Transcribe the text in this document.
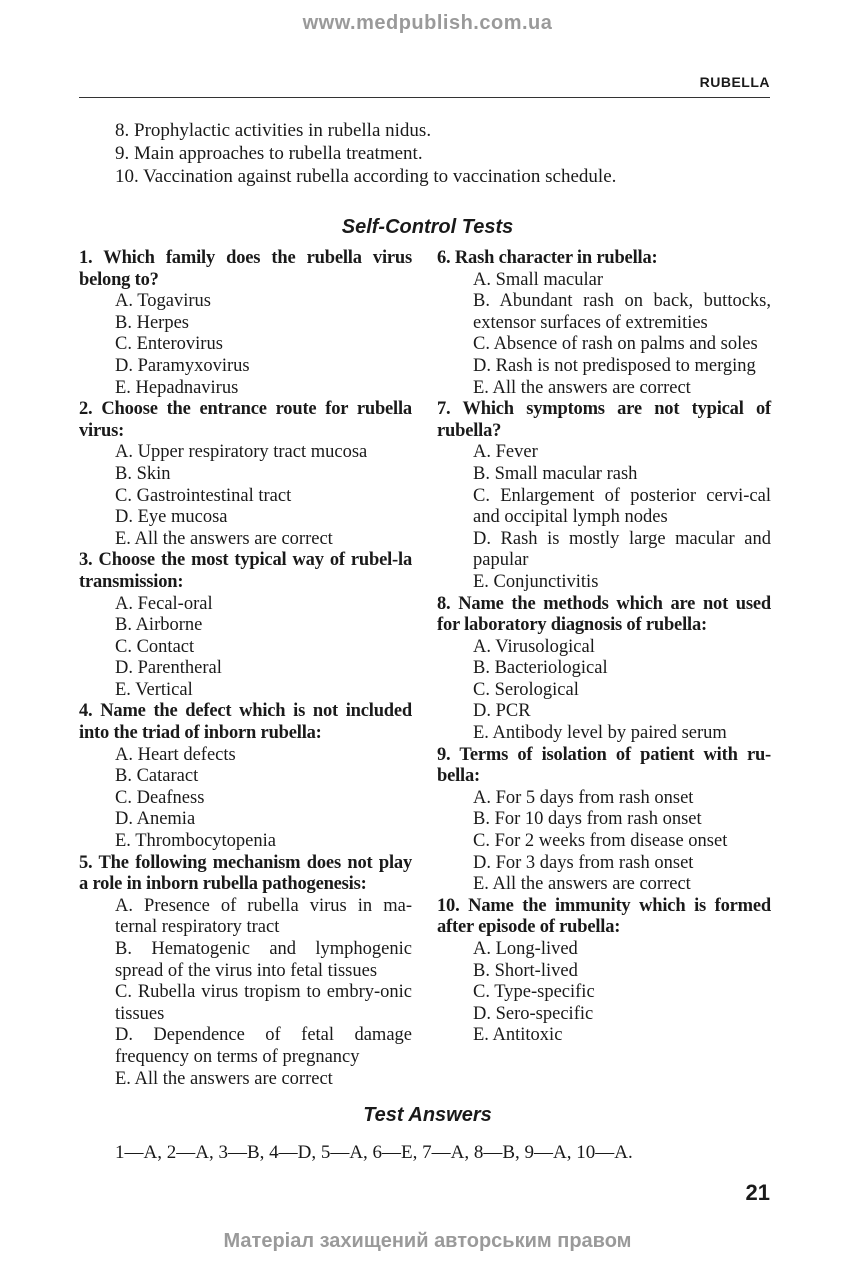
www.medpublish.com.ua
RUBELLA
8. Prophylactic activities in rubella nidus.
9. Main approaches to rubella treatment.
10. Vaccination against rubella according to vaccination schedule.
Self-Control Tests
1. Which family does the rubella virus belong to?
A. Togavirus
B. Herpes
C. Enterovirus
D. Paramyxovirus
E. Hepadnavirus
2. Choose the entrance route for rubella virus:
A. Upper respiratory tract mucosa
B. Skin
C. Gastrointestinal tract
D. Eye mucosa
E. All the answers are correct
3. Choose the most typical way of rubel-la transmission:
A. Fecal-oral
B. Airborne
C. Contact
D. Parentheral
E. Vertical
4. Name the defect which is not included into the triad of inborn rubella:
A. Heart defects
B. Cataract
C. Deafness
D. Anemia
E. Thrombocytopenia
5. The following mechanism does not play a role in inborn rubella pathogenesis:
A. Presence of rubella virus in ma-ternal respiratory tract
B. Hematogenic and lymphogenic spread of the virus into fetal tissues
C. Rubella virus tropism to embry-onic tissues
D. Dependence of fetal damage frequency on terms of pregnancy
E. All the answers are correct
6. Rash character in rubella:
A. Small macular
B. Abundant rash on back, buttocks, extensor surfaces of extremities
C. Absence of rash on palms and soles
D. Rash is not predisposed to merging
E. All the answers are correct
7. Which symptoms are not typical of rubella?
A. Fever
B. Small macular rash
C. Enlargement of posterior cervi-cal and occipital lymph nodes
D. Rash is mostly large macular and papular
E. Conjunctivitis
8. Name the methods which are not used for laboratory diagnosis of rubella:
A. Virusological
B. Bacteriological
C. Serological
D. PCR
E. Antibody level by paired serum
9. Terms of isolation of patient with ru-bella:
A. For 5 days from rash onset
B. For 10 days from rash onset
C. For 2 weeks from disease onset
D. For 3 days from rash onset
E. All the answers are correct
10. Name the immunity which is formed after episode of rubella:
A. Long-lived
B. Short-lived
C. Type-specific
D. Sero-specific
E. Antitoxic
Test Answers
1—A, 2—A, 3—B, 4—D, 5—A, 6—E, 7—A, 8—B, 9—A, 10—A.
21
Матеріал захищений авторським правом
